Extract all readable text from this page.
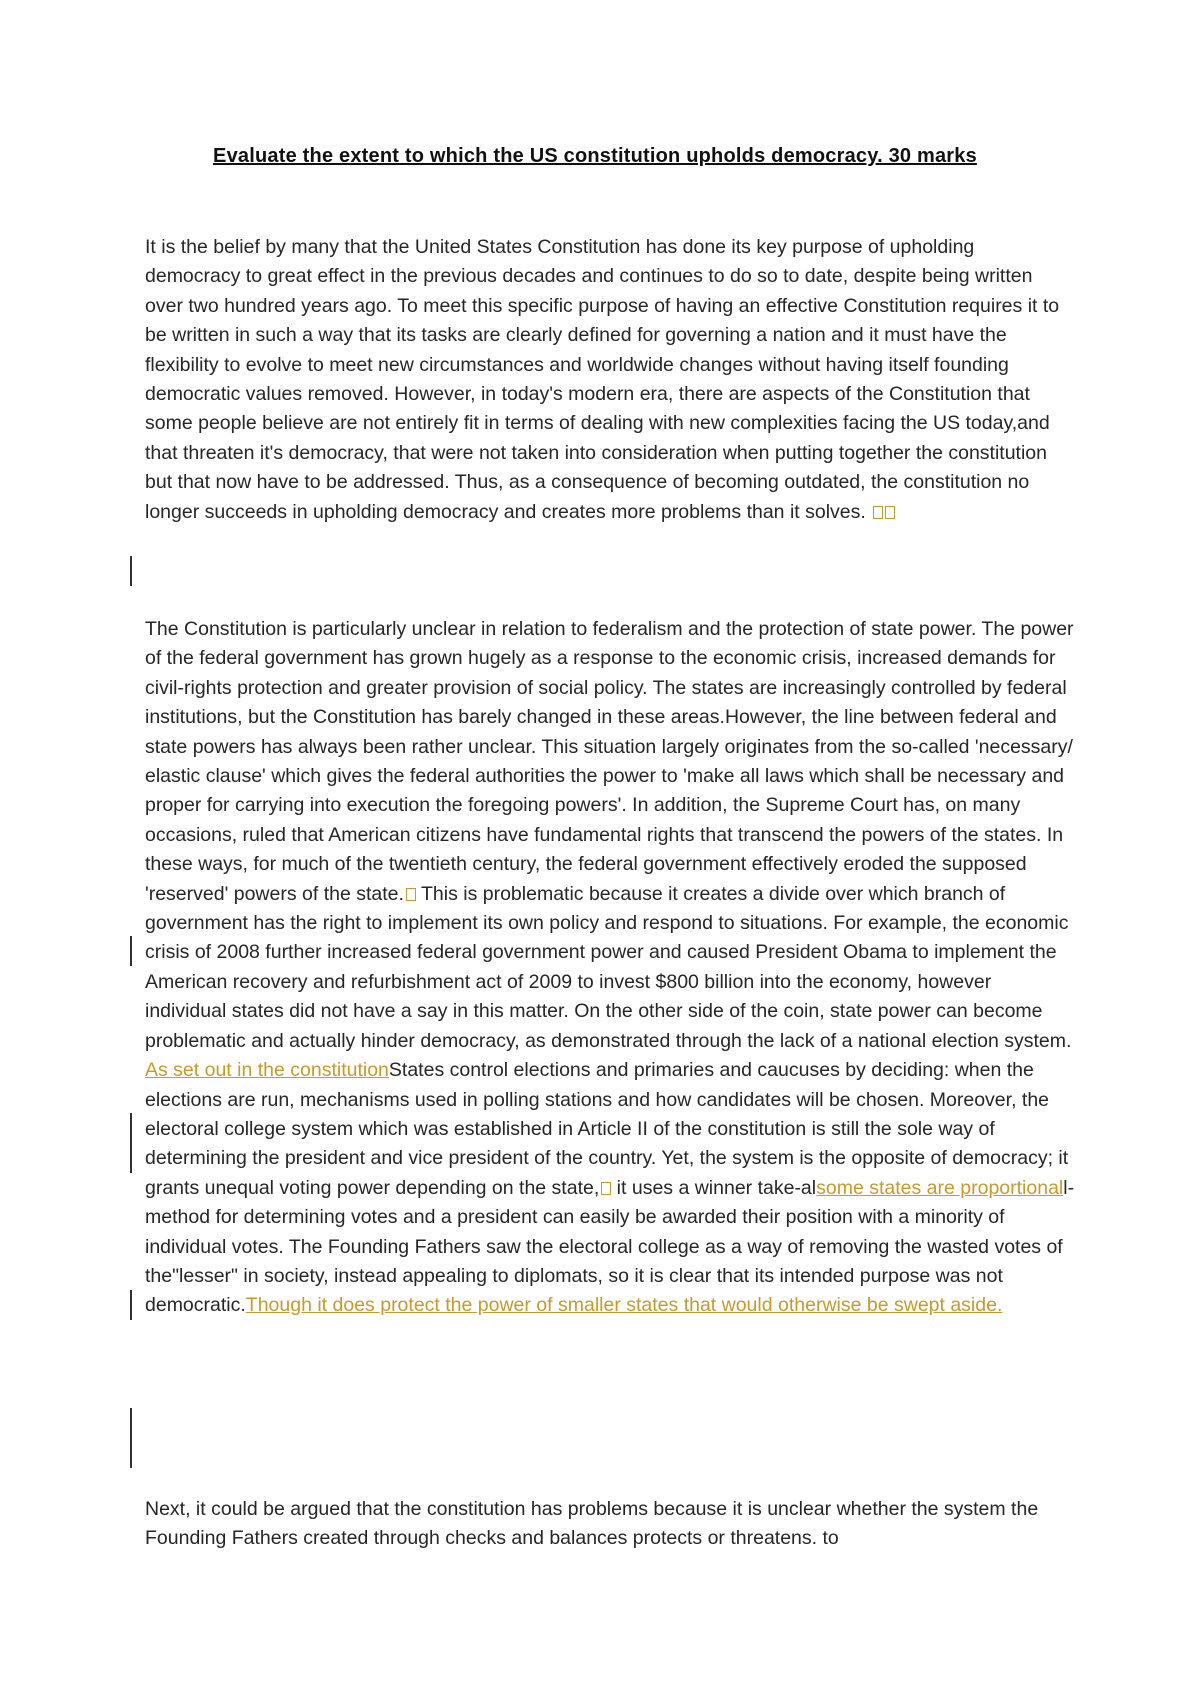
Evaluate the extent to which the US constitution upholds democracy. 30 marks

It is the belief by many that the United States Constitution has done its key purpose of upholding democracy to great effect in the previous decades and continues to do so to date, despite being written over two hundred years ago. To meet this specific purpose of having an effective Constitution requires it to be written in such a way that its tasks are clearly defined for governing a nation and it must have the flexibility to evolve to meet new circumstances and worldwide changes without having itself founding democratic values removed. However, in today's modern era, there are aspects of the Constitution that some people believe are not entirely fit in terms of dealing with new complexities facing the US today,and that threaten it's democracy, that were not taken into consideration when putting together the constitution but that now have to be addressed. Thus, as a consequence of becoming outdated, the constitution no longer succeeds in upholding democracy and creates more problems than it solves.

The Constitution is particularly unclear in relation to federalism and the protection of state power. The power of the federal government has grown hugely as a response to the economic crisis, increased demands for civil-rights protection and greater provision of social policy. The states are increasingly controlled by federal institutions, but the Constitution has barely changed in these areas.However, the line between federal and state powers has always been rather unclear. This situation largely originates from the so-called 'necessary/ elastic clause' which gives the federal authorities the power to 'make all laws which shall be necessary and proper for carrying into execution the foregoing powers'. In addition, the Supreme Court has, on many occasions, ruled that American citizens have fundamental rights that transcend the powers of the states. In these ways, for much of the twentieth century, the federal government effectively eroded the supposed 'reserved' powers of the state. This is problematic because it creates a divide over which branch of government has the right to implement its own policy and respond to situations. For example, the economic crisis of 2008 further increased federal government power and caused President Obama to implement the American recovery and refurbishment act of 2009 to invest $800 billion into the economy, however individual states did not have a say in this matter. On the other side of the coin, state power can become problematic and actually hinder democracy, as demonstrated through the lack of a national election system. As set out in the constitutionStates control elections and primaries and caucuses by deciding: when the elections are run, mechanisms used in polling stations and how candidates will be chosen. Moreover, the electoral college system which was established in Article II of the constitution is still the sole way of determining the president and vice president of the country. Yet, the system is the opposite of democracy; it grants unequal voting power depending on the state, it uses a winner take-alsome states are proportionall- method for determining votes and a president can easily be awarded their position with a minority of individual votes. The Founding Fathers saw the electoral college as a way of removing the wasted votes of the"lesser" in society, instead appealing to diplomats, so it is clear that its intended purpose was not democratic.Though it does protect the power of smaller states that would otherwise be swept aside.

Next, it could be argued that the constitution has problems because it is unclear whether the system the Founding Fathers created through checks and balances protects or threatens. to
